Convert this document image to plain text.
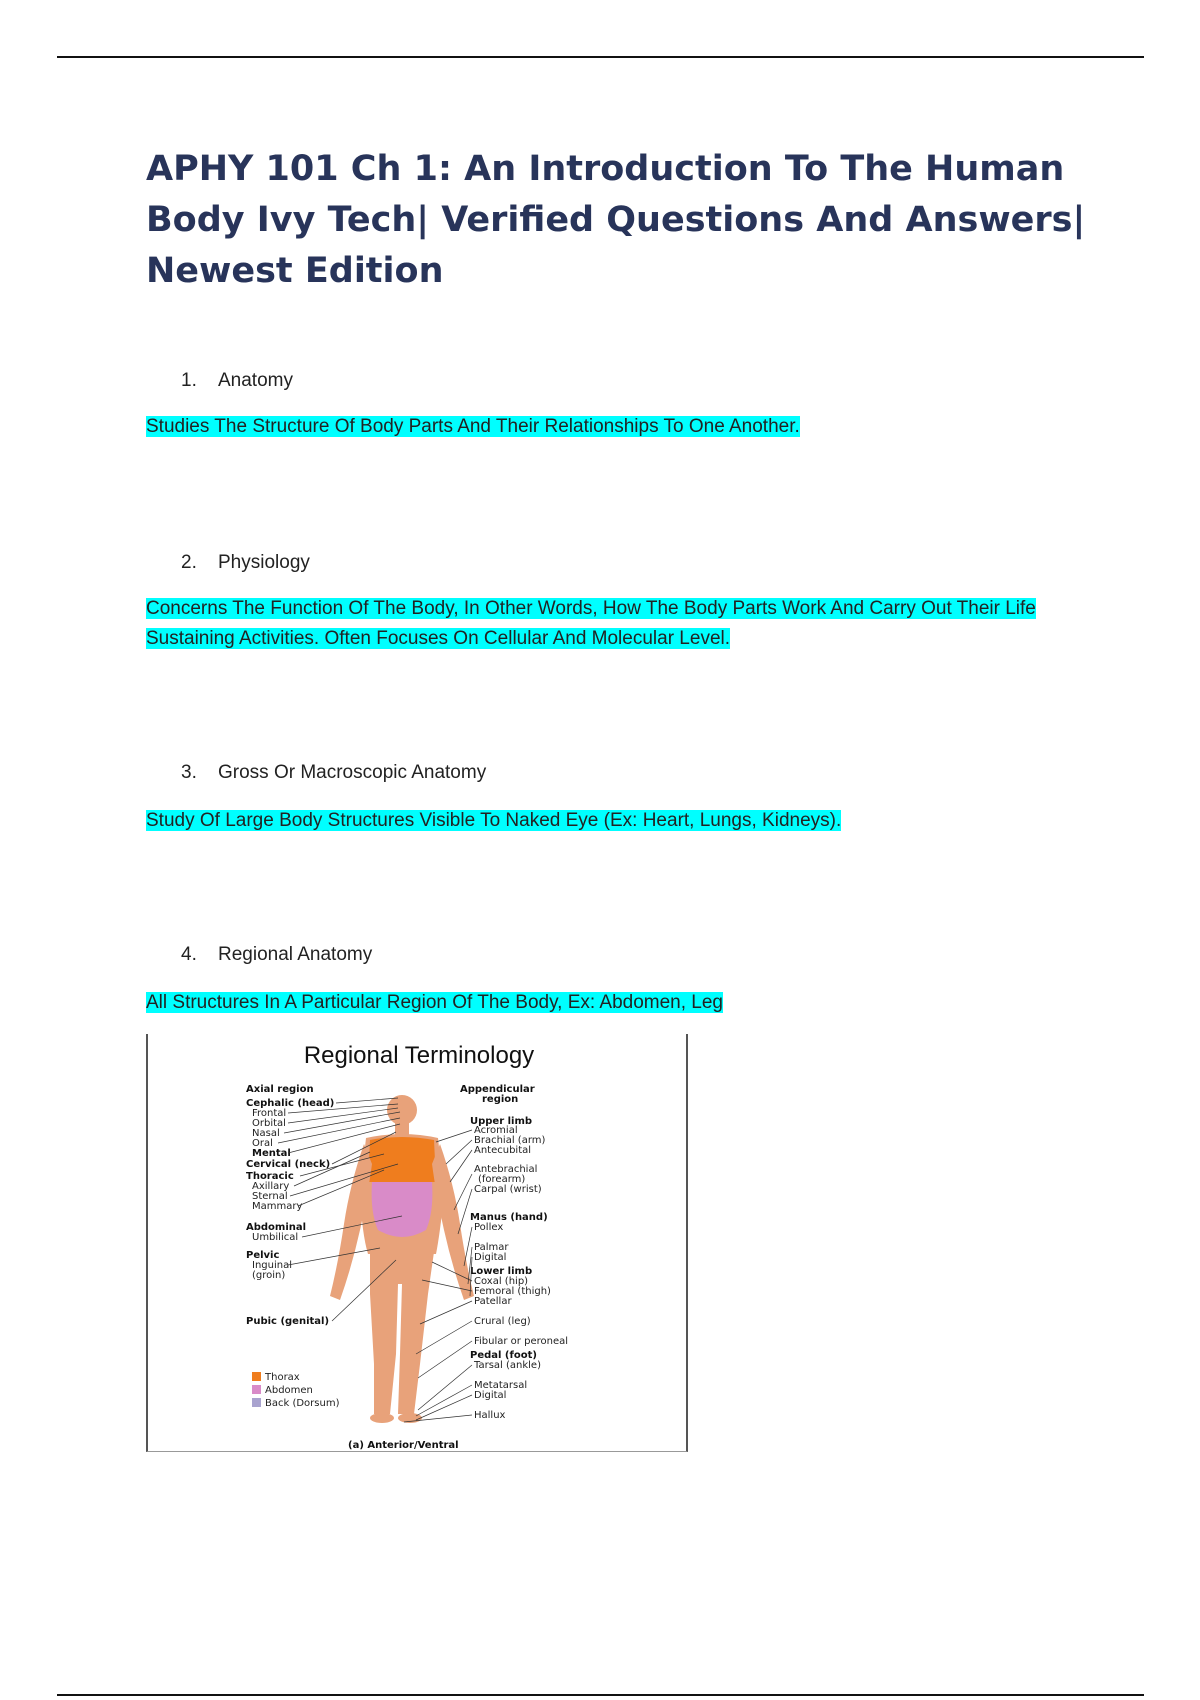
APHY 101 Ch 1: An Introduction To The Human Body Ivy Tech| Verified Questions And Answers| Newest Edition
1. Anatomy
Studies The Structure Of Body Parts And Their Relationships To One Another.
2. Physiology
Concerns The Function Of The Body, In Other Words, How The Body Parts Work And Carry Out Their Life
Sustaining Activities. Often Focuses On Cellular And Molecular Level.
3. Gross Or Macroscopic Anatomy
Study Of Large Body Structures Visible To Naked Eye (Ex: Heart, Lungs, Kidneys).
4. Regional Anatomy
All Structures In A Particular Region Of The Body, Ex: Abdomen, Leg
Regional Terminology
Axial region
Cephalic (head)
Frontal
Orbital
Nasal
Oral
Mental
Cervical (neck)
Thoracic
Axillary
Sternal
Mammary
Abdominal
Umbilical
Pelvic
Inguinal
(groin)
Pubic (genital)
Appendicular
region
Upper limb
Acromial
Brachial (arm)
Antecubital
Antebrachial
(forearm)
Carpal (wrist)
Manus (hand)
Pollex
Palmar
Digital
Lower limb
Coxal (hip)
Femoral (thigh)
Patellar
Crural (leg)
Fibular or peroneal
Pedal (foot)
Tarsal (ankle)
Metatarsal
Digital
Hallux
Thorax
Abdomen
Back (Dorsum)
(a) Anterior/Ventral
